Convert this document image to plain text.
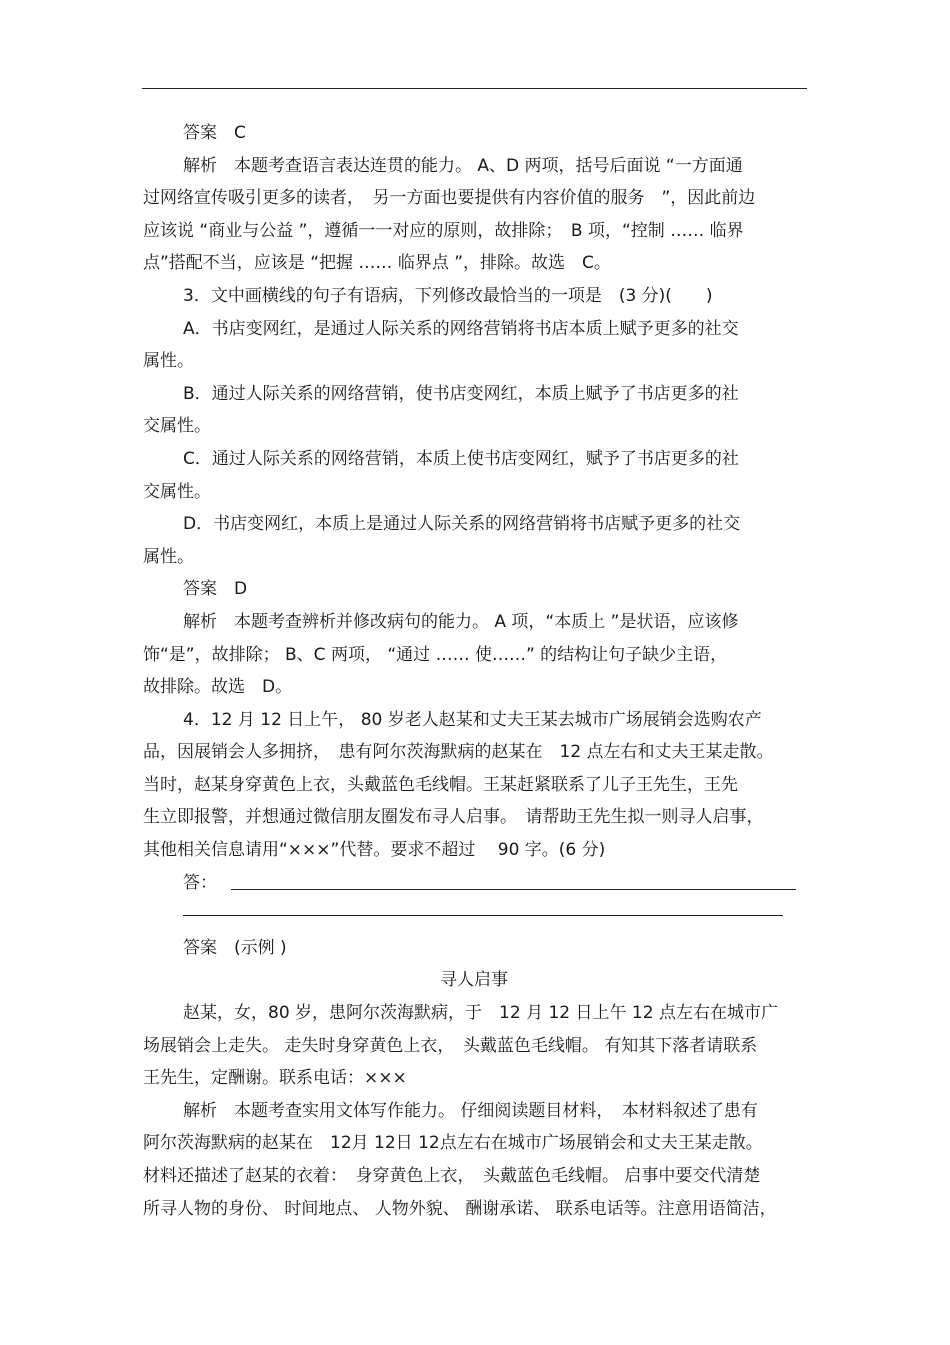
答案　C
解析　本题考查语言表达连贯的能力。 A、D 两项，括号后面说 “一方面通
过网络宣传吸引更多的读者，　另一方面也要提供有内容价值的服务　”，因此前边
应该说 “商业与公益 ”，遵循一一对应的原则，故排除；　B 项，“控制 …… 临界
点”搭配不当，应该是 “把握 …… 临界点 ”，排除。故选　C。
3．文中画横线的句子有语病，下列修改最恰当的一项是　(3 分)(　　)
A．书店变网红，是通过人际关系的网络营销将书店本质上赋予更多的社交
属性。
B．通过人际关系的网络营销，使书店变网红，本质上赋予了书店更多的社
交属性。
C．通过人际关系的网络营销，本质上使书店变网红，赋予了书店更多的社
交属性。
D．书店变网红，本质上是通过人际关系的网络营销将书店赋予更多的社交
属性。
答案　D
解析　本题考查辨析并修改病句的能力。 A 项，“本质上 ”是状语，应该修
饰“是”，故排除； B、C 两项， “通过 …… 使……” 的结构让句子缺少主语，
故排除。故选　D。
4．12 月 12 日上午， 80 岁老人赵某和丈夫王某去城市广场展销会选购农产
品，因展销会人多拥挤，　患有阿尔茨海默病的赵某在　12 点左右和丈夫王某走散。
当时，赵某身穿黄色上衣，头戴蓝色毛线帽。王某赶紧联系了儿子王先生，王先
生立即报警，并想通过微信朋友圈发布寻人启事。　请帮助王先生拟一则寻人启事，
其他相关信息请用“×××”代替。要求不超过　 90 字。(6 分)
答：
答案　(示例 )
寻人启事
赵某，女，80 岁，患阿尔茨海默病，于　12 月 12 日上午 12 点左右在城市广
场展销会上走失。 走失时身穿黄色上衣，　头戴蓝色毛线帽。 有知其下落者请联系
王先生，定酬谢。联系电话：×××
解析　本题考查实用文体写作能力。 仔细阅读题目材料，　本材料叙述了患有
阿尔茨海默病的赵某在　12月 12日 12点左右在城市广场展销会和丈夫王某走散。
材料还描述了赵某的衣着：　身穿黄色上衣，　头戴蓝色毛线帽。 启事中要交代清楚
所寻人物的身份、 时间地点、 人物外貌、 酬谢承诺、 联系电话等。注意用语简洁，
